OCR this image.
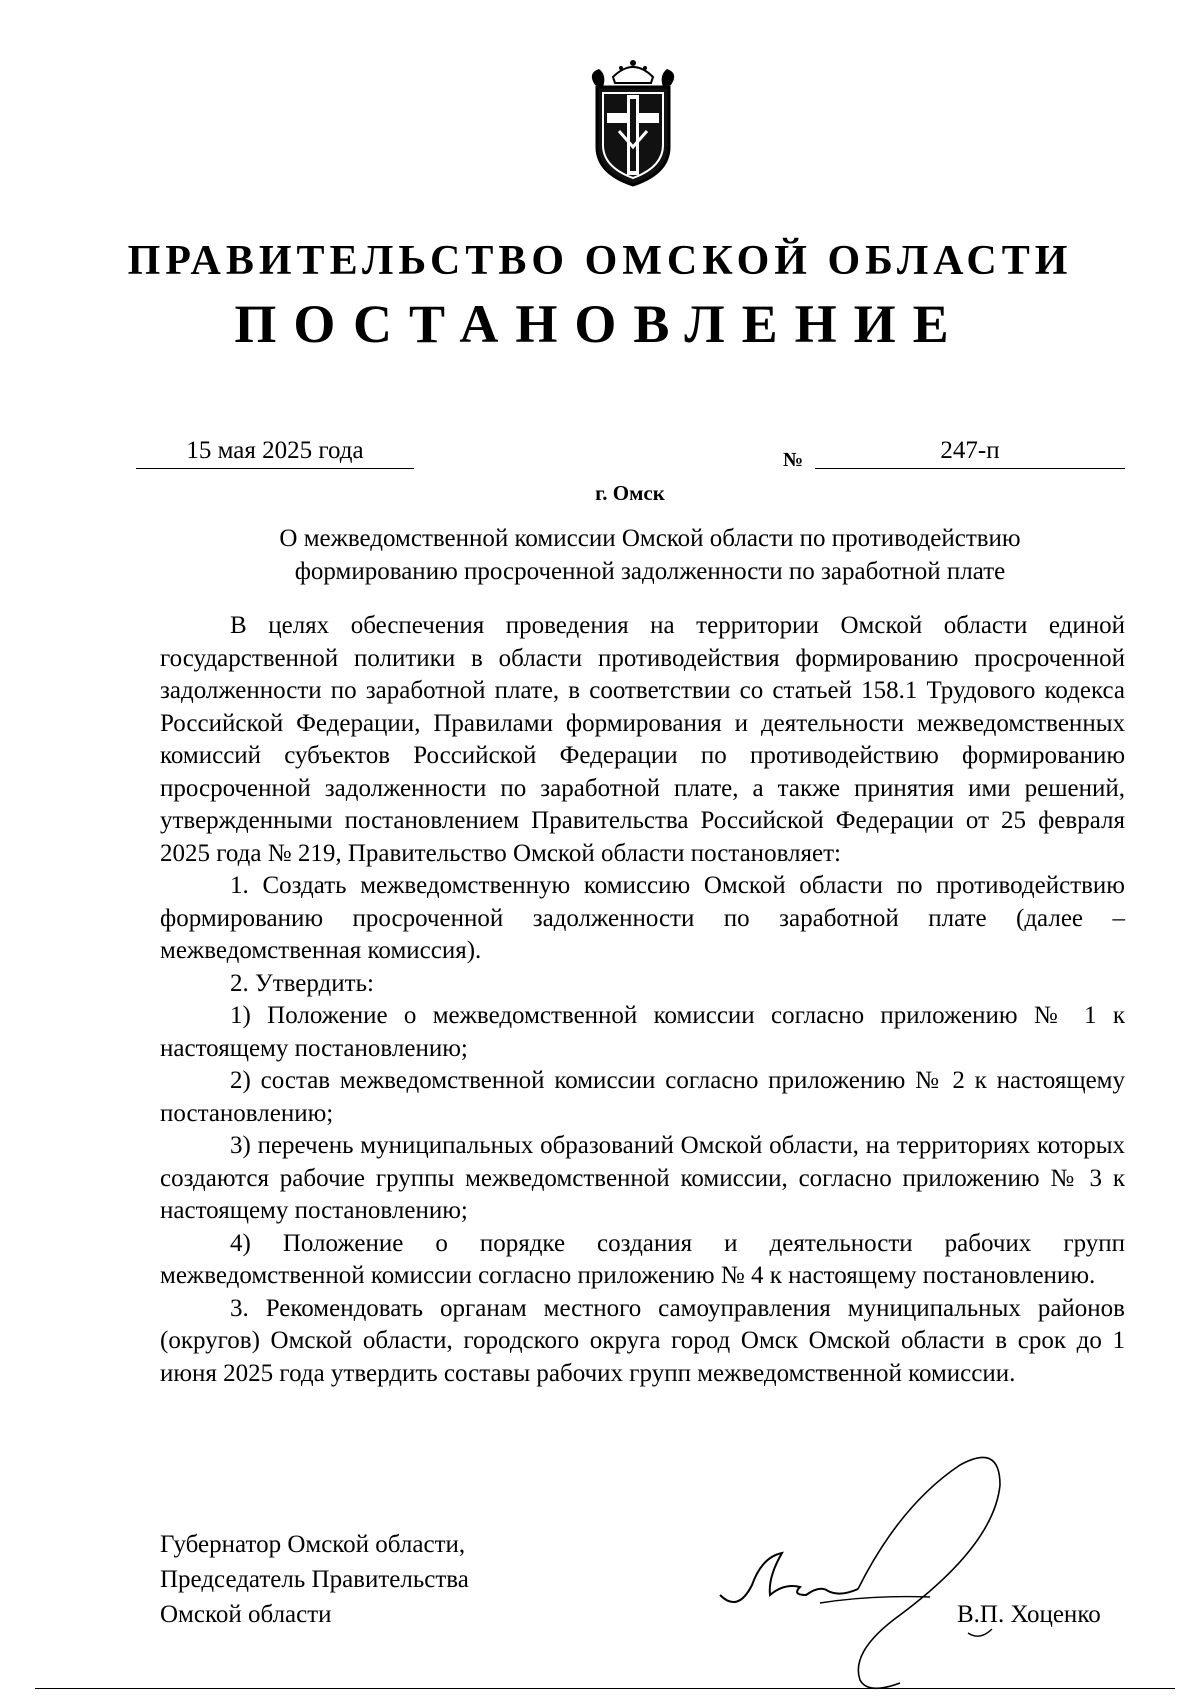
ПРАВИТЕЛЬСТВО ОМСКОЙ ОБЛАСТИ
ПОСТАНОВЛЕНИЕ
15 мая 2025 года	№	247-п
г. Омск
О межведомственной комиссии Омской области по противодействию формированию просроченной задолженности по заработной плате

В целях обеспечения проведения на территории Омской области единой государственной политики в области противодействия формированию просроченной задолженности по заработной плате, в соответствии со статьей 158.1 Трудового кодекса Российской Федерации, Правилами формирования и деятельности межведомственных комиссий субъектов Российской Федерации по противодействию формированию просроченной задолженности по заработной плате, а также принятия ими решений, утвержденными постановлением Правительства Российской Федерации от 25 февраля 2025 года № 219, Правительство Омской области постановляет:

1. Создать межведомственную комиссию Омской области по противодействию формированию просроченной задолженности по заработной плате (далее – межведомственная комиссия).

2. Утвердить:

1) Положение о межведомственной комиссии согласно приложению № 1 к настоящему постановлению;

2) состав межведомственной комиссии согласно приложению № 2 к настоящему постановлению;

3) перечень муниципальных образований Омской области, на территориях которых создаются рабочие группы межведомственной комиссии, согласно приложению № 3 к настоящему постановлению;

4) Положение о порядке создания и деятельности рабочих групп межведомственной комиссии согласно приложению № 4 к настоящему постановлению.

3. Рекомендовать органам местного самоуправления муниципальных районов (округов) Омской области, городского округа город Омск Омской области в срок до 1 июня 2025 года утвердить составы рабочих групп межведомственной комиссии.

Губернатор Омской области,
Председатель Правительства
Омской области	В.П. Хоценко
